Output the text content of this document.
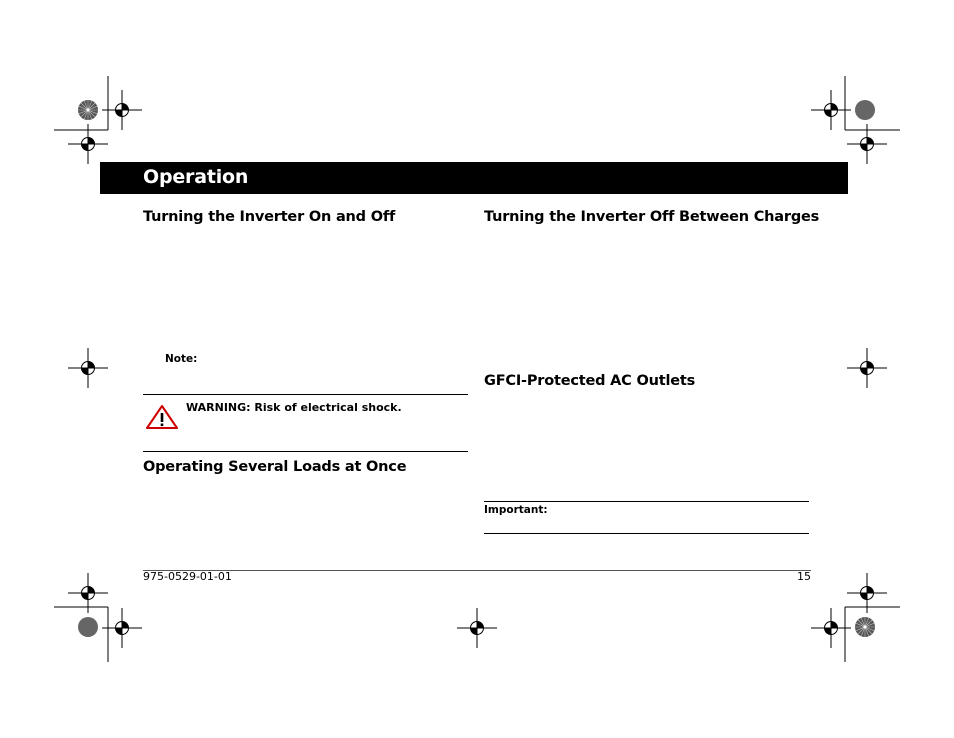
Operation
Turning the Inverter On and Off
Note:
WARNING: Risk of electrical shock.
Operating Several Loads at Once
Turning the Inverter Off Between Charges
GFCI-Protected AC Outlets
Important:
975-0529-01-01	15
